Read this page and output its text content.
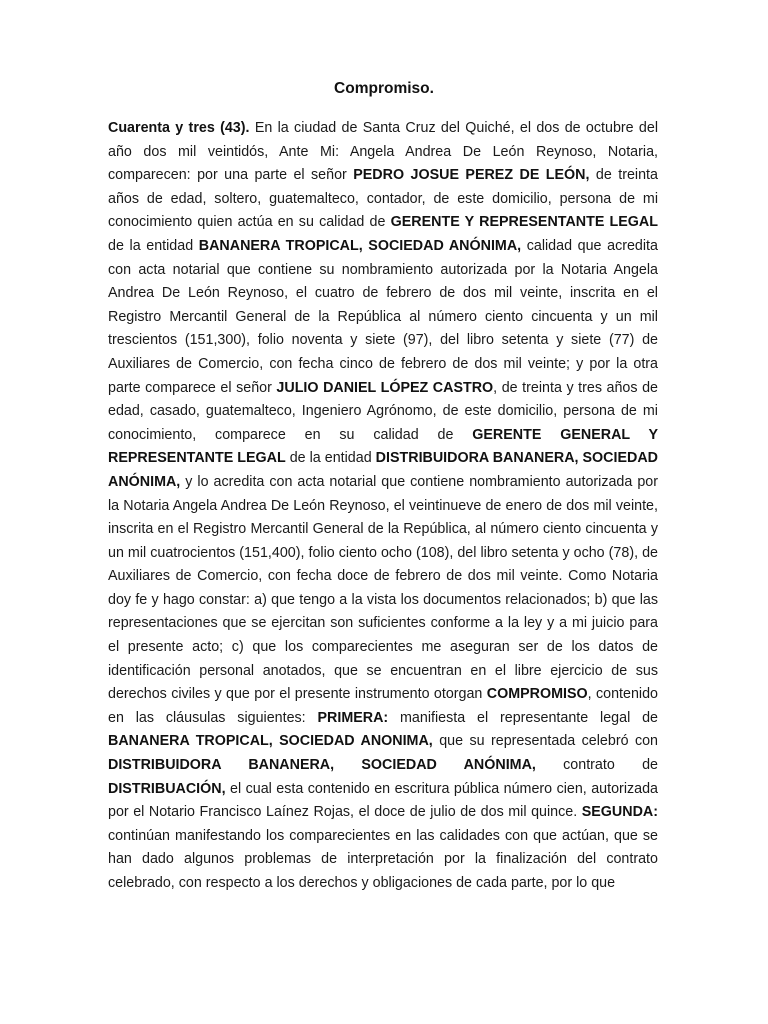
Compromiso.

Cuarenta y tres (43). En la ciudad de Santa Cruz del Quiché, el dos de octubre del año dos mil veintidós, Ante Mi: Angela Andrea De León Reynoso, Notaria, comparecen: por una parte el señor PEDRO JOSUE PEREZ DE LEÓN, de treinta años de edad, soltero, guatemalteco, contador, de este domicilio, persona de mi conocimiento quien actúa en su calidad de GERENTE Y REPRESENTANTE LEGAL de la entidad BANANERA TROPICAL, SOCIEDAD ANÓNIMA, calidad que acredita con acta notarial que contiene su nombramiento autorizada por la Notaria Angela Andrea De León Reynoso, el cuatro de febrero de dos mil veinte, inscrita en el Registro Mercantil General de la República al número ciento cincuenta y un mil trescientos (151,300), folio noventa y siete (97), del libro setenta y siete (77) de Auxiliares de Comercio, con fecha cinco de febrero de dos mil veinte; y por la otra parte comparece el señor JULIO DANIEL LÓPEZ CASTRO, de treinta y tres años de edad, casado, guatemalteco, Ingeniero Agrónomo, de este domicilio, persona de mi conocimiento, comparece en su calidad de GERENTE GENERAL Y REPRESENTANTE LEGAL de la entidad DISTRIBUIDORA BANANERA, SOCIEDAD ANÓNIMA, y lo acredita con acta notarial que contiene nombramiento autorizada por la Notaria Angela Andrea De León Reynoso, el veintinueve de enero de dos mil veinte, inscrita en el Registro Mercantil General de la República, al número ciento cincuenta y un mil cuatrocientos (151,400), folio ciento ocho (108), del libro setenta y ocho (78), de Auxiliares de Comercio, con fecha doce de febrero de dos mil veinte. Como Notaria doy fe y hago constar: a) que tengo a la vista los documentos relacionados; b) que las representaciones que se ejercitan son suficientes conforme a la ley y a mi juicio para el presente acto; c) que los comparecientes me aseguran ser de los datos de identificación personal anotados, que se encuentran en el libre ejercicio de sus derechos civiles y que por el presente instrumento otorgan COMPROMISO, contenido en las cláusulas siguientes: PRIMERA: manifiesta el representante legal de BANANERA TROPICAL, SOCIEDAD ANONIMA, que su representada celebró con DISTRIBUIDORA BANANERA, SOCIEDAD ANÓNIMA, contrato de DISTRIBUACIÓN, el cual esta contenido en escritura pública número cien, autorizada por el Notario Francisco Laínez Rojas, el doce de julio de dos mil quince. SEGUNDA: continúan manifestando los comparecientes en las calidades con que actúan, que se han dado algunos problemas de interpretación por la finalización del contrato celebrado, con respecto a los derechos y obligaciones de cada parte, por lo que
